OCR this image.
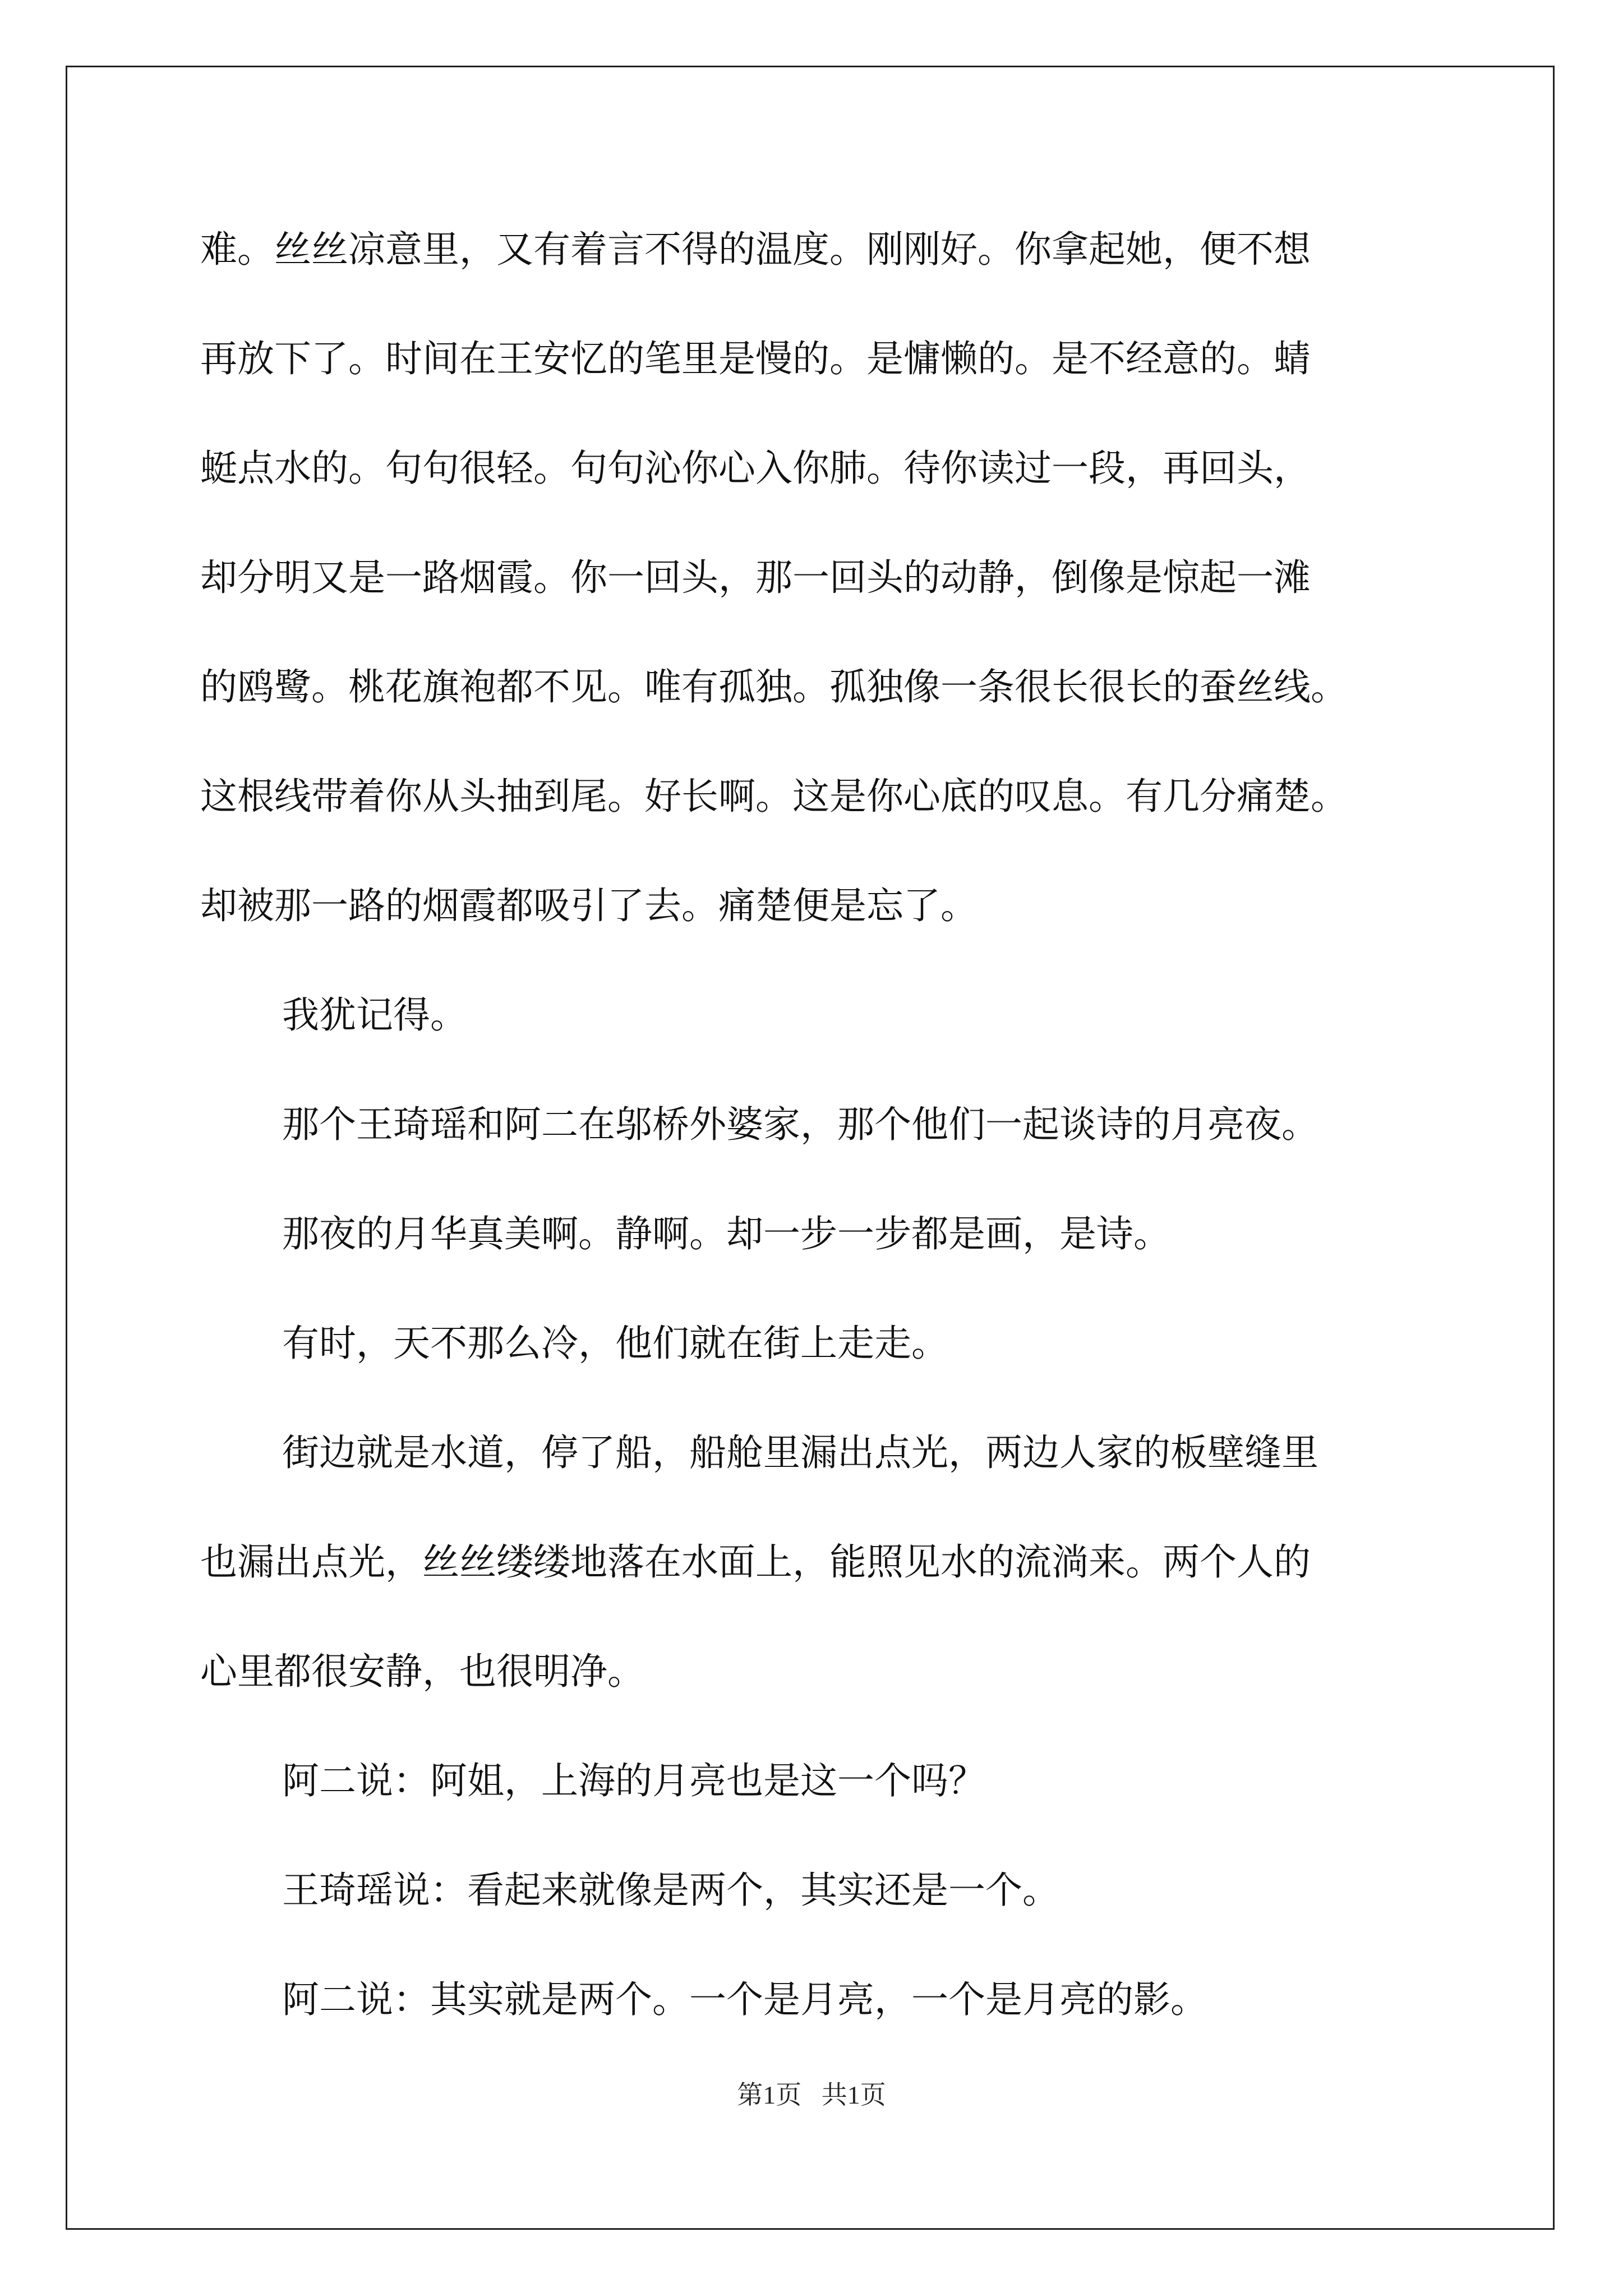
难。丝丝凉意里，又有着言不得的温度。刚刚好。你拿起她，便不想
再放下了。时间在王安忆的笔里是慢的。是慵懒的。是不经意的。蜻
蜓点水的。句句很轻。句句沁你心入你肺。待你读过一段，再回头，
却分明又是一路烟霞。你一回头，那一回头的动静，倒像是惊起一滩
的鸥鹭。桃花旗袍都不见。唯有孤独。孤独像一条很长很长的蚕丝线。
这根线带着你从头抽到尾。好长啊。这是你心底的叹息。有几分痛楚。
却被那一路的烟霞都吸引了去。痛楚便是忘了。
我犹记得。
那个王琦瑶和阿二在邬桥外婆家，那个他们一起谈诗的月亮夜。
那夜的月华真美啊。静啊。却一步一步都是画，是诗。
有时，天不那么冷，他们就在街上走走。
街边就是水道，停了船，船舱里漏出点光，两边人家的板壁缝里
也漏出点光，丝丝缕缕地落在水面上，能照见水的流淌来。两个人的
心里都很安静，也很明净。
阿二说：阿姐，上海的月亮也是这一个吗？
王琦瑶说：看起来就像是两个，其实还是一个。
阿二说：其实就是两个。一个是月亮，一个是月亮的影。
第1页 共1页
